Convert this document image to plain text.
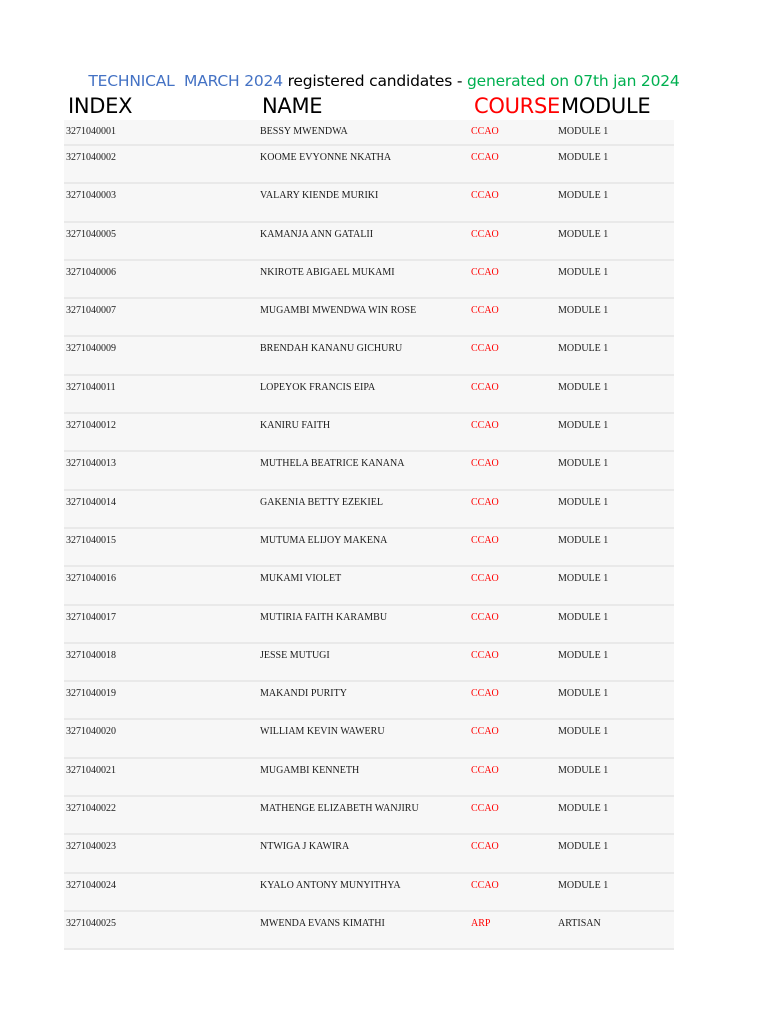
TECHNICAL  MARCH 2024 registered candidates - generated on 07th jan 2024
INDEX	NAME	COURSE MODULE
3271040001	BESSY MWENDWA	CCAO	MODULE 1
3271040002	KOOME EVYONNE NKATHA	CCAO	MODULE 1
3271040003	VALARY KIENDE MURIKI	CCAO	MODULE 1
3271040005	KAMANJA ANN GATALII	CCAO	MODULE 1
3271040006	NKIROTE ABIGAEL MUKAMI	CCAO	MODULE 1
3271040007	MUGAMBI MWENDWA WIN ROSE	CCAO	MODULE 1
3271040009	BRENDAH KANANU GICHURU	CCAO	MODULE 1
3271040011	LOPEYOK FRANCIS EIPA	CCAO	MODULE 1
3271040012	KANIRU FAITH	CCAO	MODULE 1
3271040013	MUTHELA BEATRICE KANANA	CCAO	MODULE 1
3271040014	GAKENIA BETTY EZEKIEL	CCAO	MODULE 1
3271040015	MUTUMA ELIJOY MAKENA	CCAO	MODULE 1
3271040016	MUKAMI VIOLET	CCAO	MODULE 1
3271040017	MUTIRIA FAITH KARAMBU	CCAO	MODULE 1
3271040018	JESSE MUTUGI	CCAO	MODULE 1
3271040019	MAKANDI PURITY	CCAO	MODULE 1
3271040020	WILLIAM KEVIN WAWERU	CCAO	MODULE 1
3271040021	MUGAMBI KENNETH	CCAO	MODULE 1
3271040022	MATHENGE ELIZABETH WANJIRU	CCAO	MODULE 1
3271040023	NTWIGA J KAWIRA	CCAO	MODULE 1
3271040024	KYALO ANTONY MUNYITHYA	CCAO	MODULE 1
3271040025	MWENDA EVANS KIMATHI	ARP	ARTISAN
